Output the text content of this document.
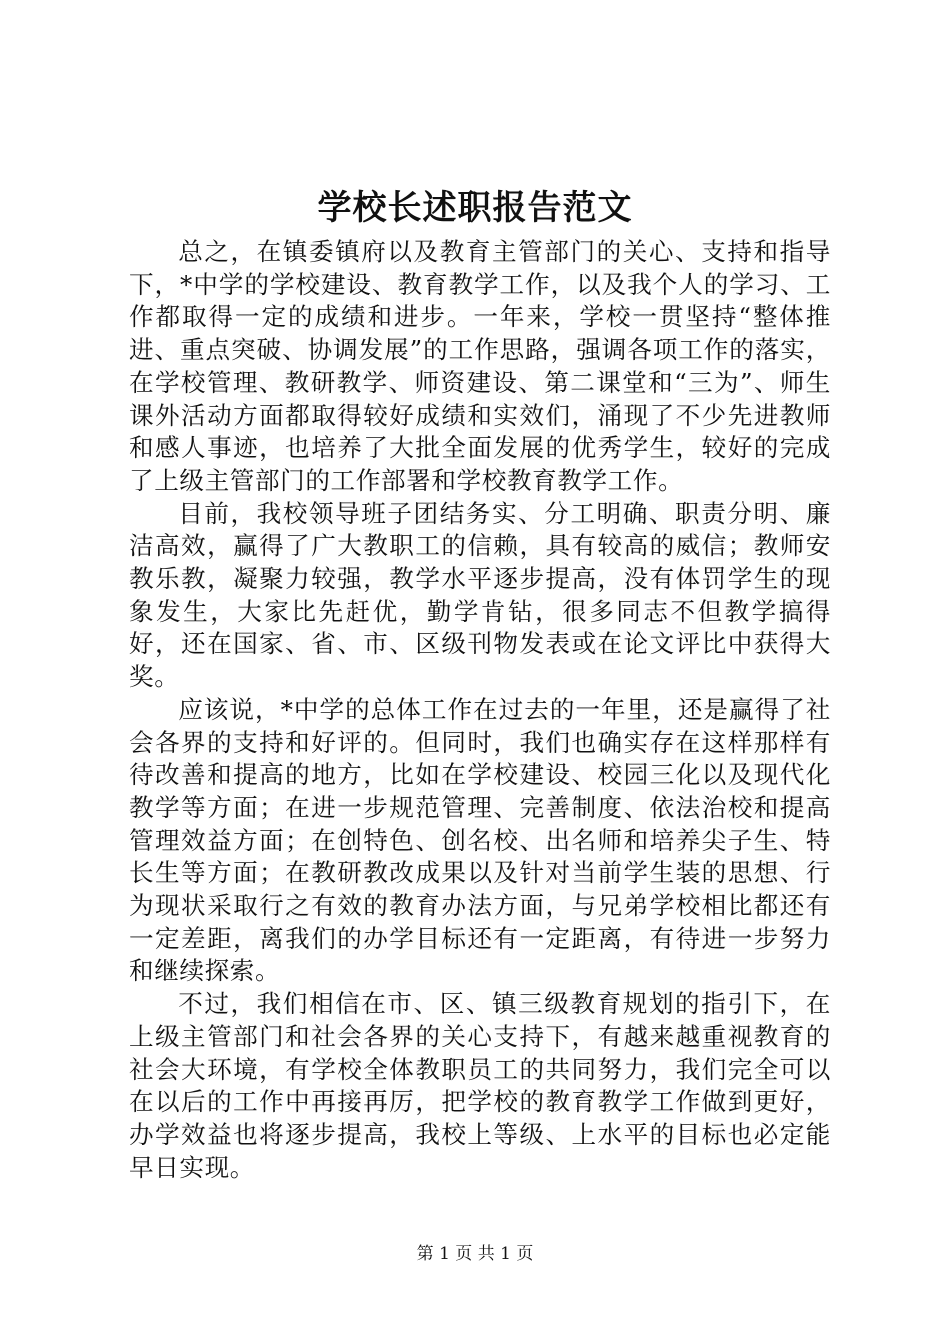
学校长述职报告范文

总之，在镇委镇府以及教育主管部门的关心、支持和指导下，*中学的学校建设、教育教学工作，以及我个人的学习、工作都取得一定的成绩和进步。一年来，学校一贯坚持“整体推进、重点突破、协调发展”的工作思路，强调各项工作的落实，在学校管理、教研教学、师资建设、第二课堂和“三为”、师生课外活动方面都取得较好成绩和实效们，涌现了不少先进教师和感人事迹，也培养了大批全面发展的优秀学生，较好的完成了上级主管部门的工作部署和学校教育教学工作。

目前，我校领导班子团结务实、分工明确、职责分明、廉洁高效，赢得了广大教职工的信赖，具有较高的威信；教师安教乐教，凝聚力较强，教学水平逐步提高，没有体罚学生的现象发生，大家比先赶优，勤学肯钻，很多同志不但教学搞得好，还在国家、省、市、区级刊物发表或在论文评比中获得大奖。

应该说，*中学的总体工作在过去的一年里，还是赢得了社会各界的支持和好评的。但同时，我们也确实存在这样那样有待改善和提高的地方，比如在学校建设、校园三化以及现代化教学等方面；在进一步规范管理、完善制度、依法治校和提高管理效益方面；在创特色、创名校、出名师和培养尖子生、特长生等方面；在教研教改成果以及针对当前学生装的思想、行为现状采取行之有效的教育办法方面，与兄弟学校相比都还有一定差距，离我们的办学目标还有一定距离，有待进一步努力和继续探索。

不过，我们相信在市、区、镇三级教育规划的指引下，在上级主管部门和社会各界的关心支持下，有越来越重视教育的社会大环境，有学校全体教职员工的共同努力，我们完全可以在以后的工作中再接再厉，把学校的教育教学工作做到更好，办学效益也将逐步提高，我校上等级、上水平的目标也必定能早日实现。

第 1 页 共 1 页
